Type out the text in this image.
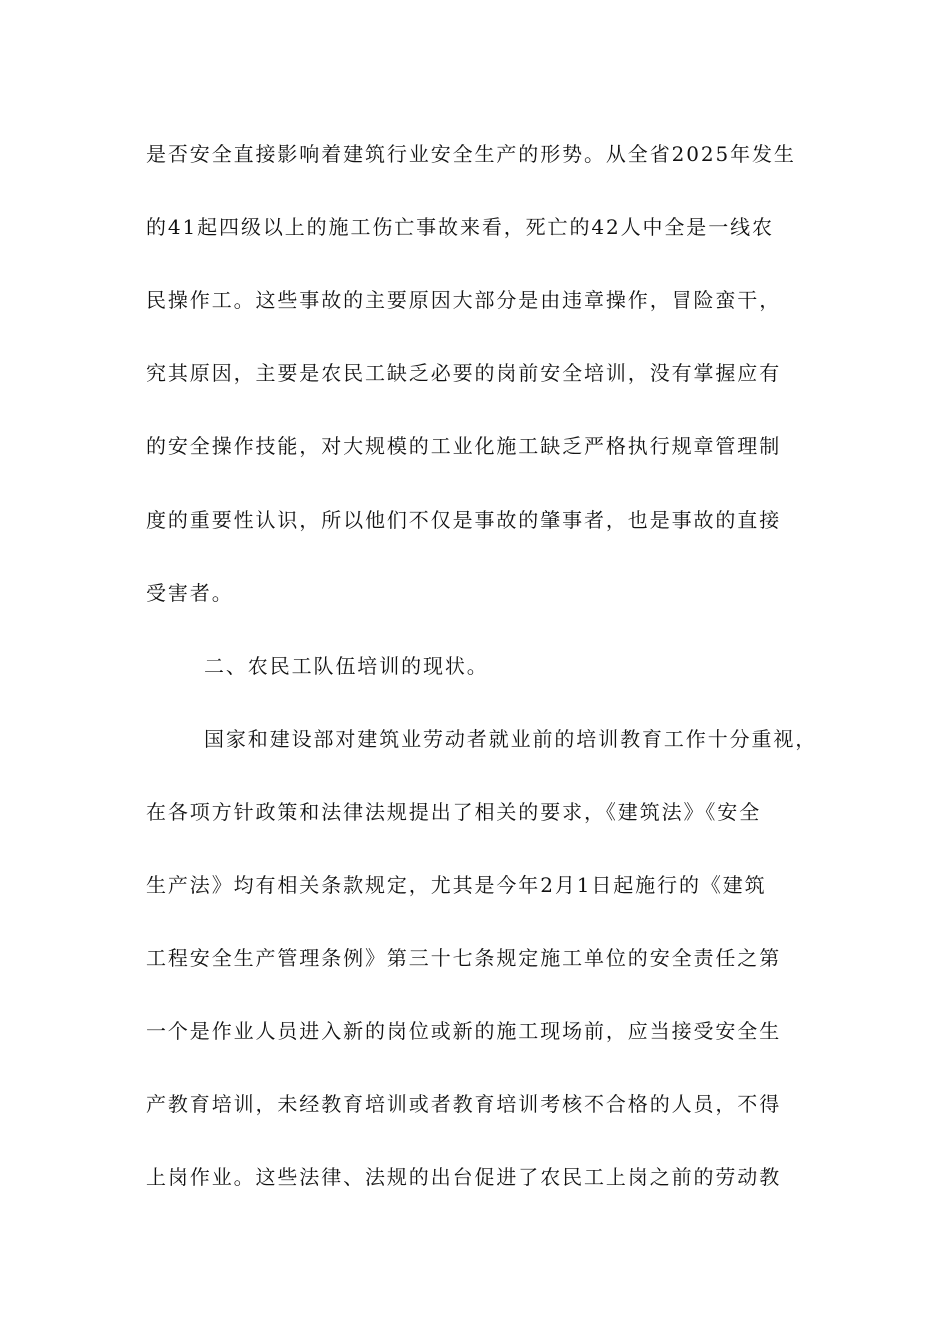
是否安全直接影响着建筑行业安全生产的形势。从全省2025年发生
的41起四级以上的施工伤亡事故来看，死亡的42人中全是一线农
民操作工。这些事故的主要原因大部分是由违章操作，冒险蛮干，
究其原因，主要是农民工缺乏必要的岗前安全培训，没有掌握应有
的安全操作技能，对大规模的工业化施工缺乏严格执行规章管理制
度的重要性认识，所以他们不仅是事故的肇事者，也是事故的直接
受害者。
二、农民工队伍培训的现状。
国家和建设部对建筑业劳动者就业前的培训教育工作十分重视，
在各项方针政策和法律法规提出了相关的要求，《建筑法》《安全
生产法》均有相关条款规定，尤其是今年2月1日起施行的《建筑
工程安全生产管理条例》第三十七条规定施工单位的安全责任之第
一个是作业人员进入新的岗位或新的施工现场前，应当接受安全生
产教育培训，未经教育培训或者教育培训考核不合格的人员，不得
上岗作业。这些法律、法规的出台促进了农民工上岗之前的劳动教
